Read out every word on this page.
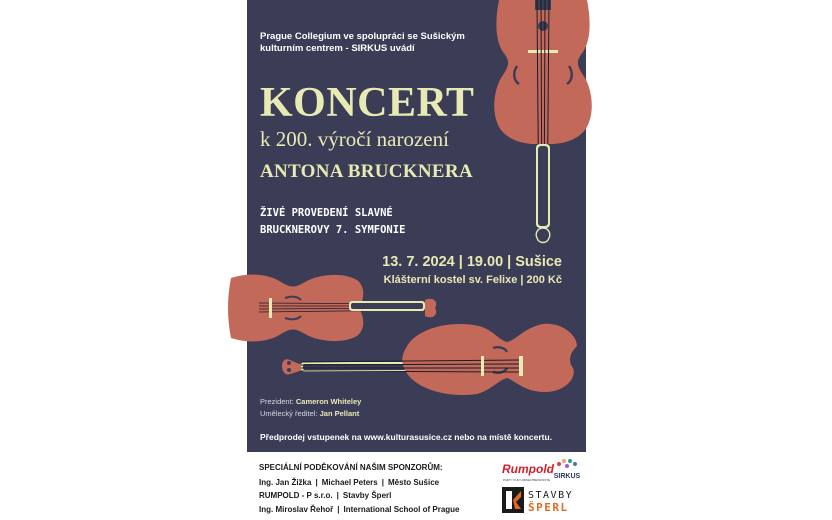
Prague Collegium ve spolupráci se Sušickým
kulturním centrem - SIRKUS uvádí
KONCERT
k 200. výročí narození
ANTONA BRUCKNERA
ŽIVÉ PROVEDENÍ SLAVNÉ
BRUCKNEROVY 7. SYMFONIE
13. 7. 2024 | 19.00 | Sušice
Klášterní kostel sv. Felixe | 200 Kč
Prezident: Cameron Whiteley
Umělecký ředitel: Jan Pellant
Předprodej vstupenek na www.kulturasusice.cz nebo na místě koncertu.
SPECIÁLNÍ PODĚKOVÁNÍ NAŠIM SPONZORŮM:
Ing. Jan Žižka | Michael Peters | Město Sušice
RUMPOLD - P s.r.o. | Stavby Šperl
Ing. Miroslav Řehoř | International School of Prague
Rumpold
PARTY FÜR UMWELTBEWUSSTE SIRKUS
STAVBY
ŠPERL
